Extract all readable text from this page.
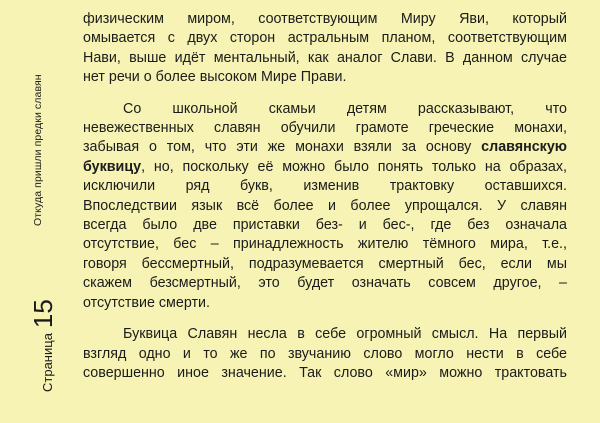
Откуда пришли предки славян
Страница
15
физическим миром, соответствующим Миру Яви, который
омывается с двух сторон астральным планом, соответствующим
Нави, выше идёт ментальный, как аналог Слави. В данном случае
нет речи о более высоком Мире Прави.
Со школьной скамьи детям рассказывают, что
невежественных славян обучили грамоте греческие монахи,
забывая о том, что эти же монахи взяли за основу славянскую
буквицу, но, поскольку её можно было понять только на образах,
исключили ряд букв, изменив трактовку оставшихся.
Впоследствии язык всё более и более упрощался. У славян
всегда было две приставки без- и бес-, где без означала
отсутствие, бес – принадлежность жителю тёмного мира, т.е.,
говоря бессмертный, подразумевается смертный бес, если мы
скажем безсмертный, это будет означать совсем другое, –
отсутствие смерти.
Буквица Славян несла в себе огромный смысл. На первый
взгляд одно и то же по звучанию слово могло нести в себе
совершенно иное значение. Так слово «мир» можно трактовать
